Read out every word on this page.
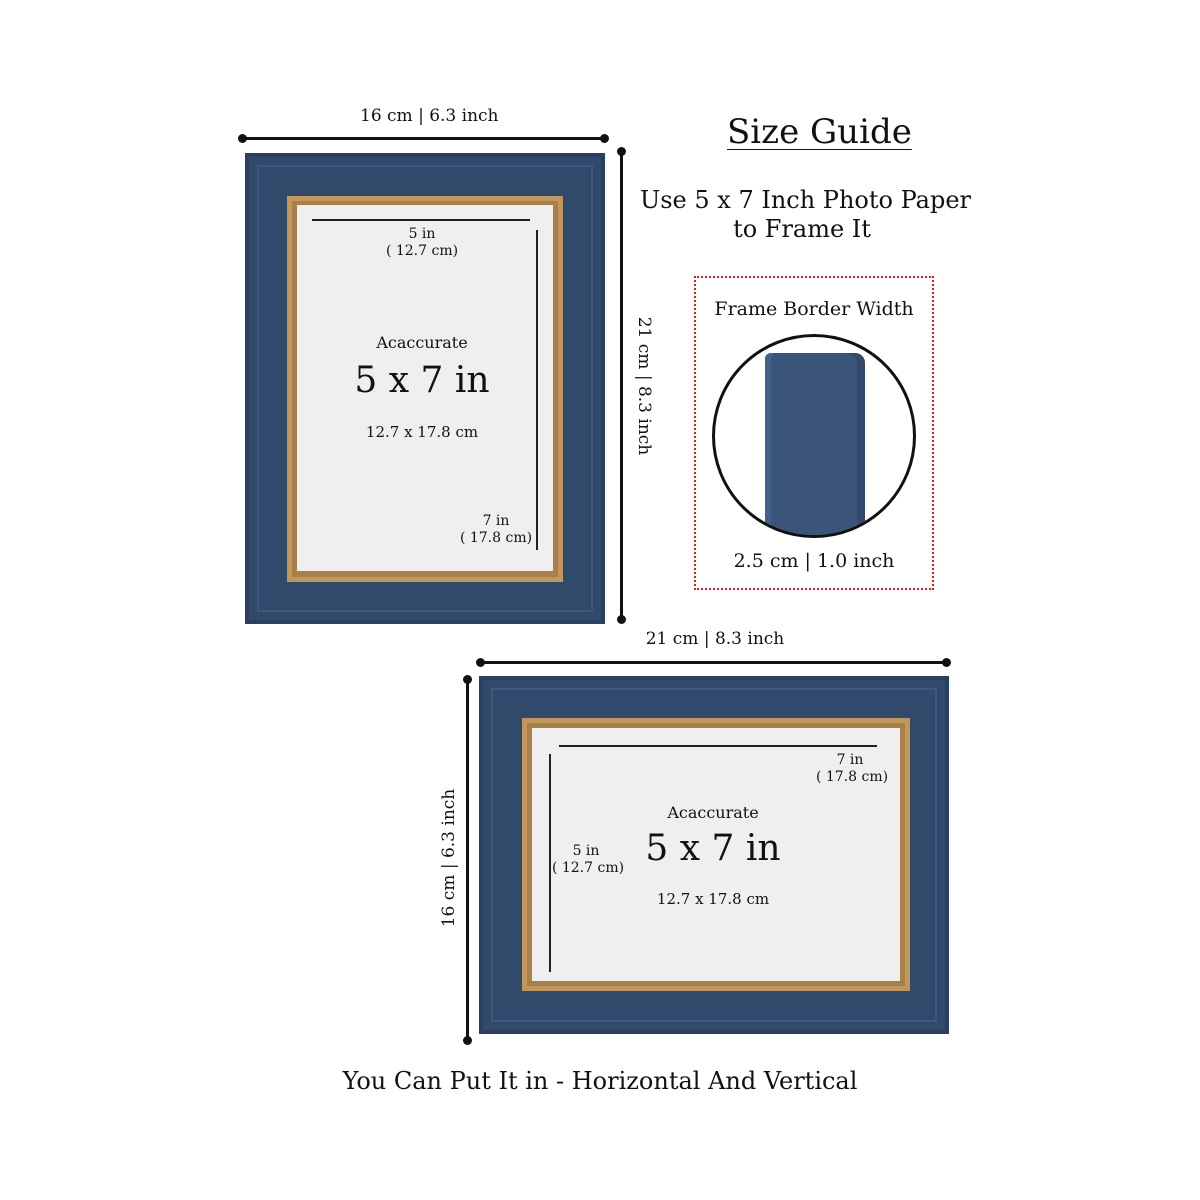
16 cm | 6.3 inch	Size Guide
Use 5 x 7 Inch Photo Paper
to Frame It
5 in
( 12.7 cm)
Acaccurate
5 x 7 in
12.7 x 17.8 cm
7 in
( 17.8 cm)
21 cm | 8.3 inch
Frame Border Width
2.5 cm | 1.0 inch
21 cm | 8.3 inch
16 cm | 6.3 inch
7 in
( 17.8 cm)
5 in
( 12.7 cm)
Acaccurate
5 x 7 in
12.7 x 17.8 cm
You Can Put It in - Horizontal And Vertical
